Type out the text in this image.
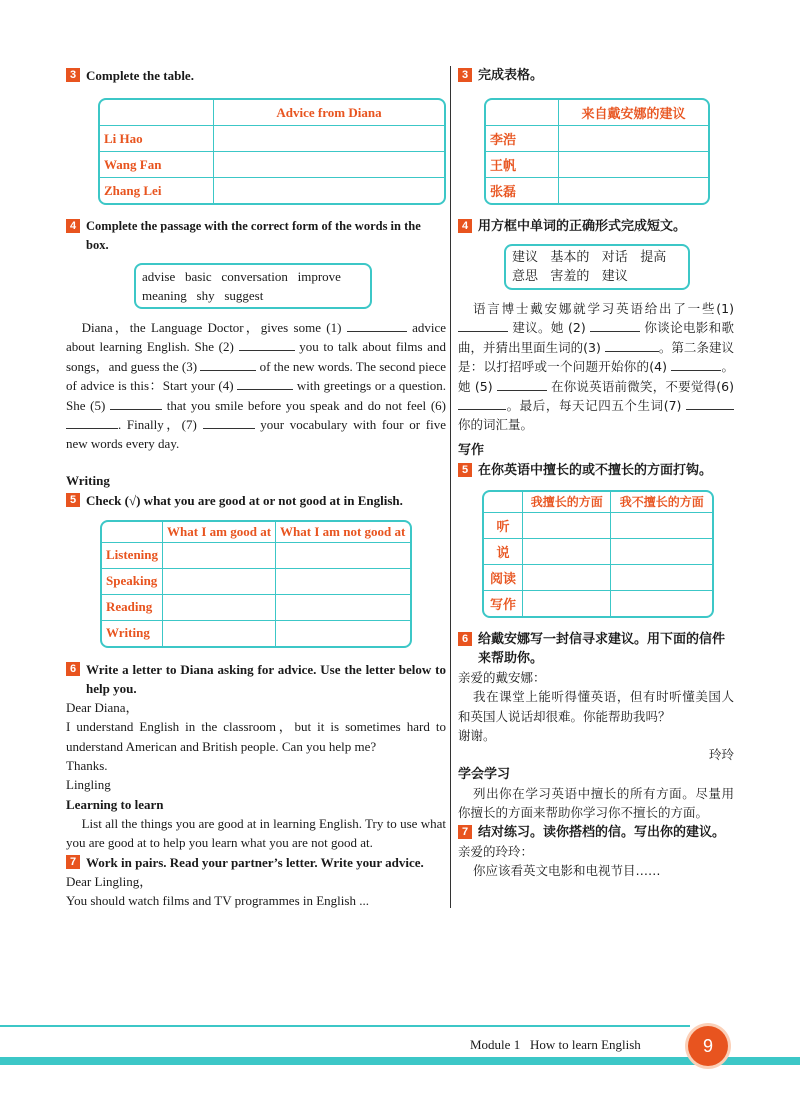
3 Complete the table.
	Advice from Diana
Li Hao	
Wang Fan	
Zhang Lei	
4 Complete the passage with the correct form of the words in the box.
advise   basic   conversation   improve
meaning   shy   suggest
Diana，the Language Doctor，gives some (1)	advice about learning English. She (2)	you to talk about films and songs，and guess the (3)	of the new words. The second piece of advice is this：Start your (4)	with greetings or a question. She (5)	that you smile before you speak and do not feel (6) . Finally，(7)	your vocabulary with four or five new words every day.
Writing
5 Check (√) what you are good at or not good at in English.
	What I am good at	What I am not good at
Listening		
Speaking		
Reading		
Writing		
6 Write a letter to Diana asking for advice. Use the letter below to help you.
Dear Diana，
I understand English in the classroom，but it is sometimes hard to understand American and British people. Can you help me?
Thanks.
Lingling
Learning to learn
List all the things you are good at in learning English. Try to use what you are good at to help you learn what you are not good at.
7 Work in pairs. Read your partner’s letter. Write your advice.
Dear Lingling，
You should watch films and TV programmes in English ...
3 完成表格。
	来自戴安娜的建议
李浩	
王帆	
张磊	
4 用方框中单词的正确形式完成短文。
建议   基本的   对话   提高
意思   害羞的   建议
语言博士戴安娜就学习英语给出了一些(1)  建议。她 (2)	你谈论电影和歌曲，并猜出里面生词的(3)	。第二条建议是：以打招呼或一个问题开始你的(4)	。她 (5)	在你说英语前微笑，不要觉得(6) 。最后，每天记四五个生词(7) 你的词汇量。
写作
5 在你英语中擅长的或不擅长的方面打钩。
	我擅长的方面	我不擅长的方面
听		
说		
阅读		
写作		
6 给戴安娜写一封信寻求建议。用下面的信件来帮助你。
亲爱的戴安娜：
我在课堂上能听得懂英语，但有时听懂美国人和英国人说话却很难。你能帮助我吗？
谢谢。
玲玲
学会学习
列出你在学习英语中擅长的所有方面。尽量用你擅长的方面来帮助你学习你不擅长的方面。
7 结对练习。读你搭档的信。写出你的建议。
亲爱的玲玲：
你应该看英文电影和电视节目……
Module 1 How to learn English	9
